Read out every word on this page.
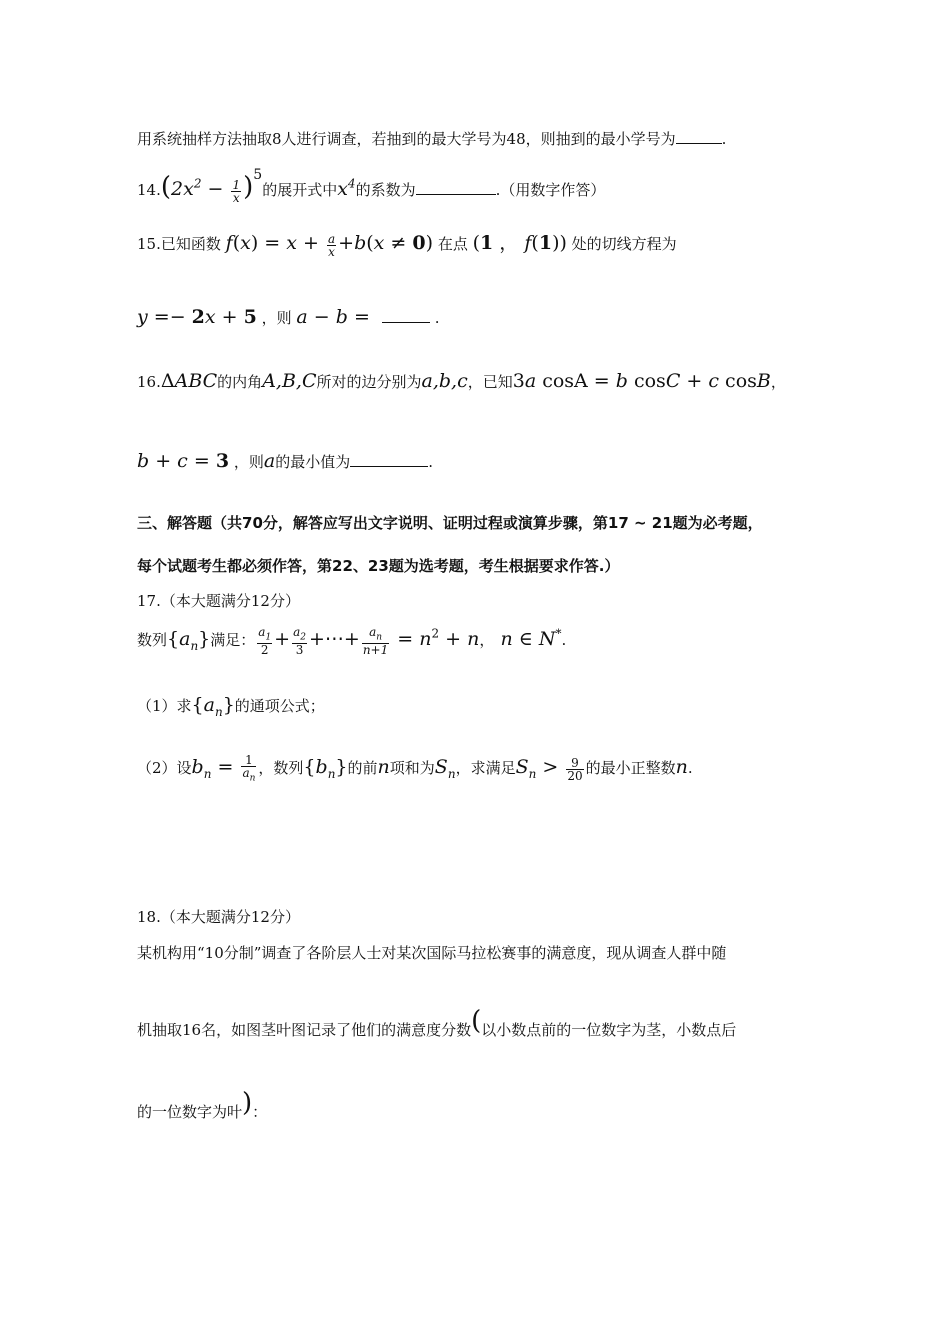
用系统抽样方法抽取8人进行调查，若抽到的最大学号为48，则抽到的最小学号为	.
$14.(2x^2 - \frac{1}{x} )^5$的展开式中$x^4$的系数为	.（用数字作答）
15.已知函数 $f(x) = x + \frac{a}{x} +b(x \ne 0)$ 在点 (1 ， f(1)) 处的切线方程为
y =− 2x + 5 ，则 a − b =	.
16.ΔABC的内角A,B,C所对的边分别为a,b,c，已知3a cosA = b cosC + c cosB，
b + c = 3 ，则a的最小值为	.
三、解答题（共70分，解答应写出文字说明、证明过程或演算步骤，第17 ~ 21题为必考题，
每个试题考生都必须作答，第22、23题为选考题，考生根据要求作答.）
17.（本大题满分12分）
数列$\{a_n\}$满足： $\frac{a_1}{2} + \frac{a_2}{3}$ +⋯+ $\frac{a_n}{n+1} = n^2 + n$， n ∈ N*.
（1）求$\{a_n\}$的通项公式；
（2）设$b_n = \frac{1}{a_n}$ ，数列$\{b_n\}$的前n项和为$S_n$，求满足$S_n > \frac{9}{20}$ 的最小正整数n.
18.（本大题满分12分）
某机构用“10分制”调查了各阶层人士对某次国际马拉松赛事的满意度，现从调查人群中随
机抽取16名，如图茎叶图记录了他们的满意度分数(以小数点前的一位数字为茎，小数点后
的一位数字为叶)：
